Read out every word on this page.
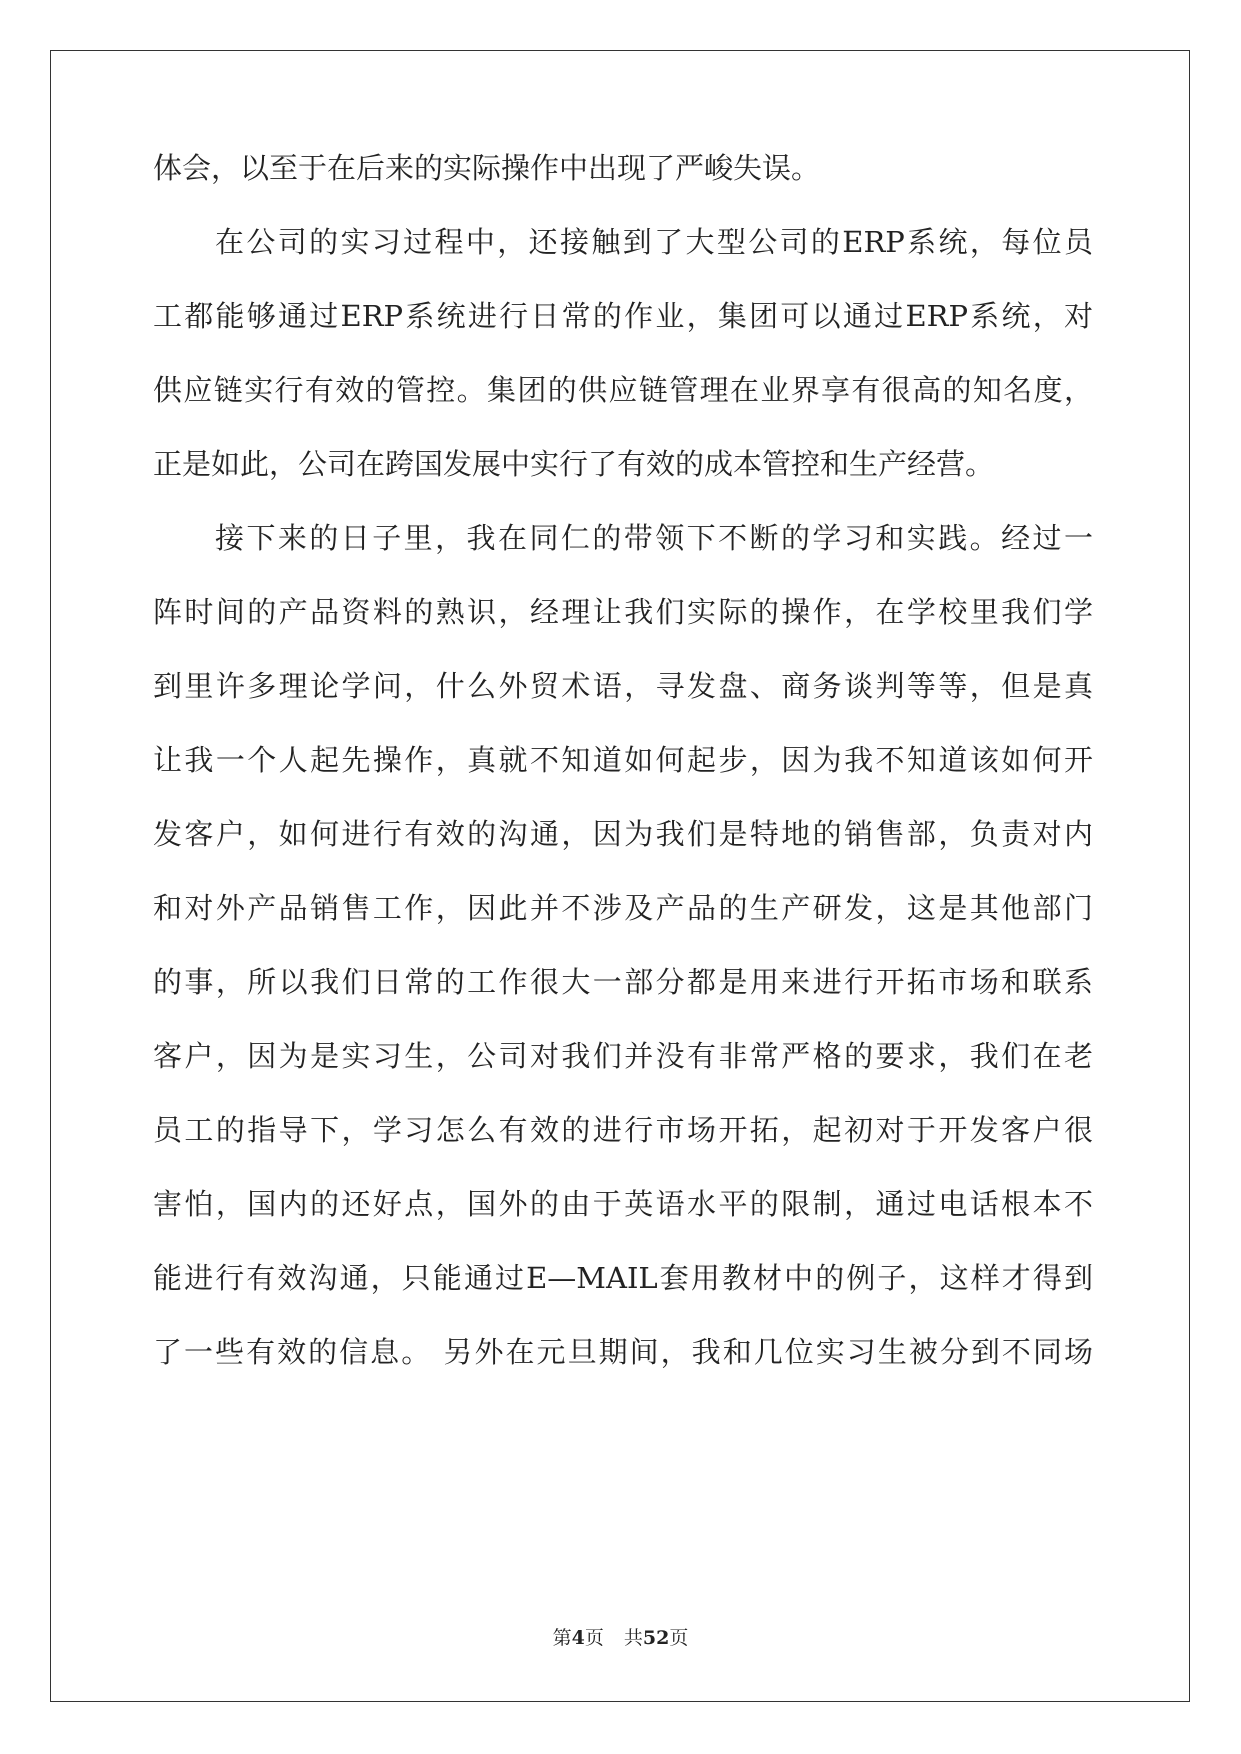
体会，以至于在后来的实际操作中出现了严峻失误。
在公司的实习过程中，还接触到了大型公司的ERP系统，每位员
工都能够通过ERP系统进行日常的作业，集团可以通过ERP系统，对
供应链实行有效的管控。集团的供应链管理在业界享有很高的知名度，
正是如此，公司在跨国发展中实行了有效的成本管控和生产经营。
接下来的日子里，我在同仁的带领下不断的学习和实践。经过一
阵时间的产品资料的熟识，经理让我们实际的操作，在学校里我们学
到里许多理论学问，什么外贸术语，寻发盘、商务谈判等等，但是真
让我一个人起先操作，真就不知道如何起步，因为我不知道该如何开
发客户，如何进行有效的沟通，因为我们是特地的销售部，负责对内
和对外产品销售工作，因此并不涉及产品的生产研发，这是其他部门
的事，所以我们日常的工作很大一部分都是用来进行开拓市场和联系
客户，因为是实习生，公司对我们并没有非常严格的要求，我们在老
员工的指导下，学习怎么有效的进行市场开拓，起初对于开发客户很
害怕，国内的还好点，国外的由于英语水平的限制，通过电话根本不
能进行有效沟通，只能通过E—MAIL套用教材中的例子，这样才得到
了一些有效的信息。 另外在元旦期间，我和几位实习生被分到不同场
第4页 共52页
